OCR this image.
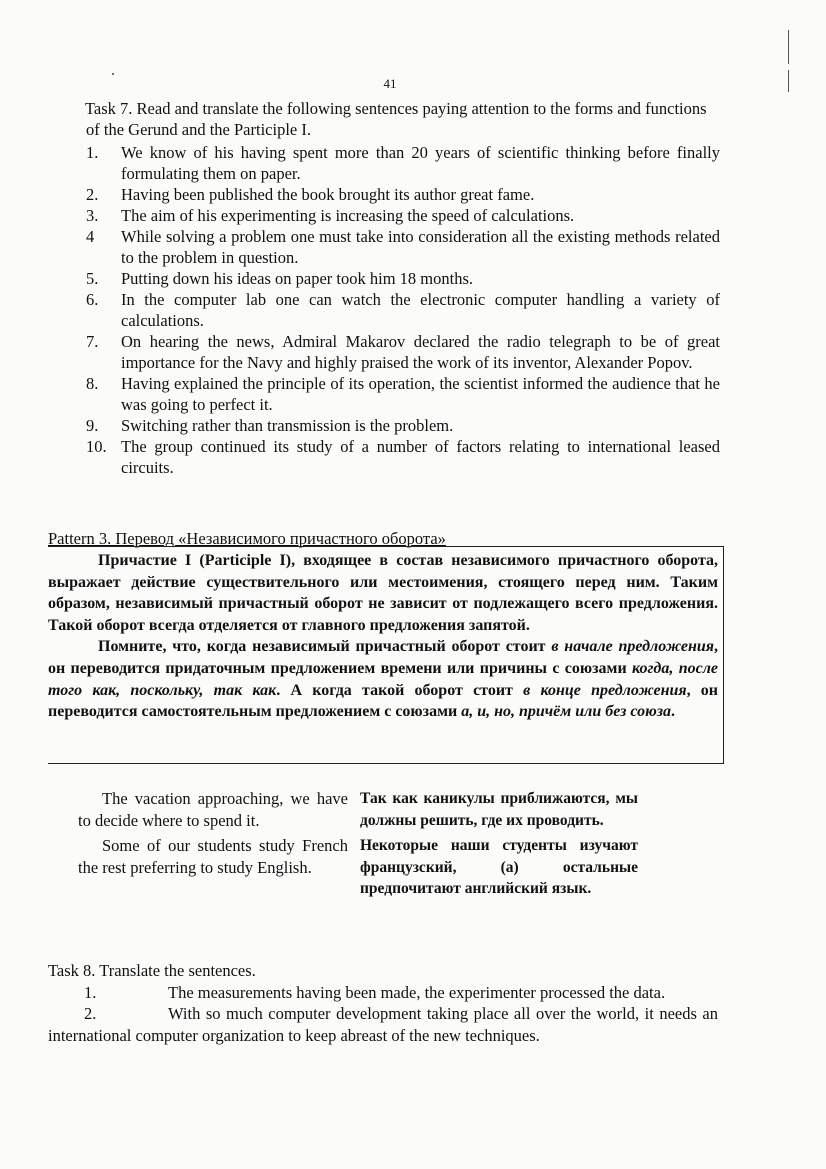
41

Task 7. Read and translate the following sentences paying attention to the forms and functions of the Gerund and the Participle I.

1.	We know of his having spent more than 20 years of scientific thinking before finally formulating them on paper.
2.	Having been published the book brought its author great fame.
3.	The aim of his experimenting is increasing the speed of calculations.
4	While solving a problem one must take into consideration all the existing methods related to the problem in question.
5.	Putting down his ideas on paper took him 18 months.
6.	In the computer lab one can watch the electronic computer handling a variety of calculations.
7.	On hearing the news, Admiral Makarov declared the radio telegraph to be of great importance for the Navy and highly praised the work of its inventor, Alexander Popov.
8.	Having explained the principle of its operation, the scientist informed the audience that he was going to perfect it.
9.	Switching rather than transmission is the problem.
10. The group continued its study of a number of factors relating to international leased circuits.
Pattern 3. Перевод «Независимого причастного оборота»

Причастие I (Participle I), входящее в состав независимого причастного оборота, выражает действие существительного или местоимения, стоящего перед ним. Таким образом, независимый причастный оборот не зависит от подлежащего всего предложения. Такой оборот всегда отделяется от главного предложения запятой.

Помните, что, когда независимый причастный оборот стоит в начале предложения, он переводится придаточным предложением времени или причины с союзами когда, после того как, поскольку, так как. А когда такой оборот стоит в конце предложения, он переводится самостоятельным предложением с союзами а, и, но, причём или без союза.

The vacation approaching, we have to decide where to spend it.
Так как каникулы приближаются, мы должны решить, где их проводить.
Some of our students study French the rest preferring to study English.
Некоторые наши студенты изучают французский, (а) остальные предпочитают английский язык.

Task 8. Translate the sentences.

1.	The measurements having been made, the experimenter processed the data.

2.	With so much computer development taking place all over the world, it needs an international computer organization to keep abreast of the new techniques.
